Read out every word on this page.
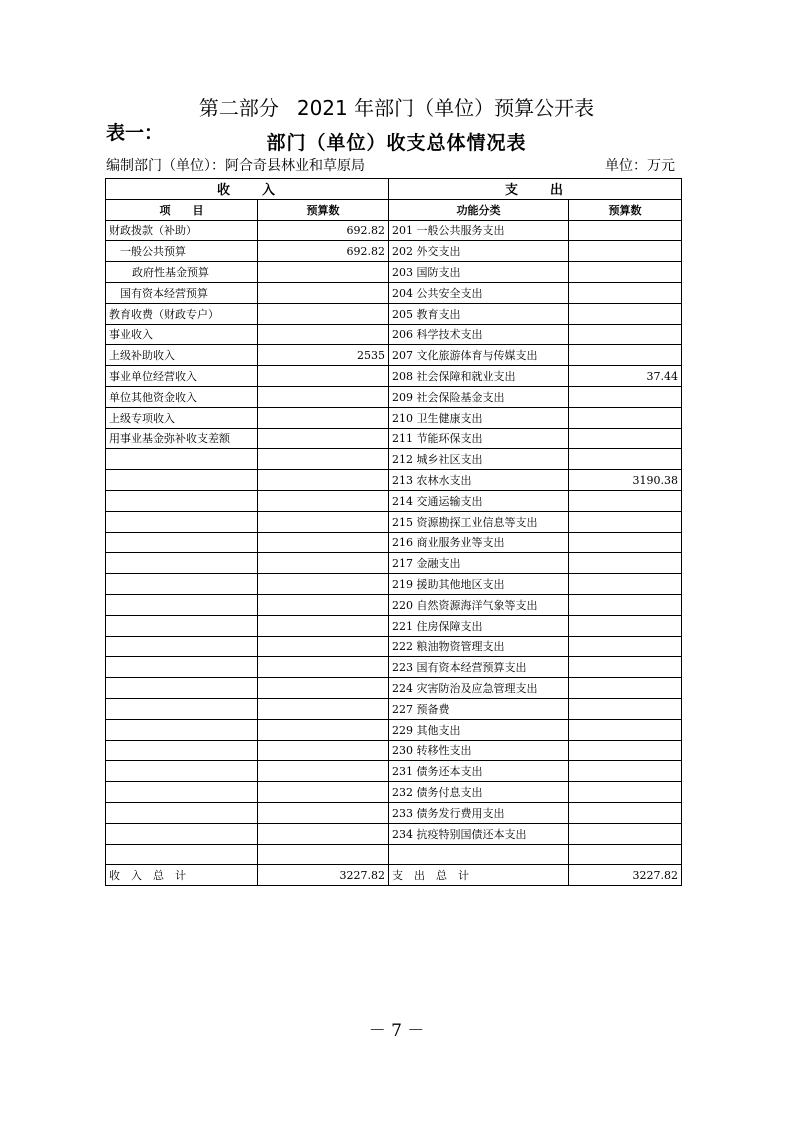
第二部分 2021 年部门（单位）预算公开表
表一：	部门（单位）收支总体情况表
编制部门（单位）：阿合奇县林业和草原局	单位：万元
收　　入		支　　出	
项　　目	预算数	功能分类	预算数
财政拨款（补助）	692.82	201 一般公共服务支出	
一般公共预算	692.82	202 外交支出	
政府性基金预算		203 国防支出	
国有资本经营预算		204 公共安全支出	
教育收费（财政专户）		205 教育支出	
事业收入		206 科学技术支出	
上级补助收入	2535	207 文化旅游体育与传媒支出	
事业单位经营收入		208 社会保障和就业支出	37.44
单位其他资金收入		209 社会保险基金支出	
上级专项收入		210 卫生健康支出	
用事业基金弥补收支差额		211 节能环保支出	
		212 城乡社区支出	
		213 农林水支出	3190.38
		214 交通运输支出	
		215 资源勘探工业信息等支出	
		216 商业服务业等支出	
		217 金融支出	
		219 援助其他地区支出	
		220 自然资源海洋气象等支出	
		221 住房保障支出	
		222 粮油物资管理支出	
		223 国有资本经营预算支出	
		224 灾害防治及应急管理支出	
		227 预备费	
		229 其他支出	
		230 转移性支出	
		231 债务还本支出	
		232 债务付息支出	
		233 债务发行费用支出	
		234 抗疫特别国债还本支出	

收　入　总　计	3227.82	支　出　总　计	3227.82
－ 7 －
